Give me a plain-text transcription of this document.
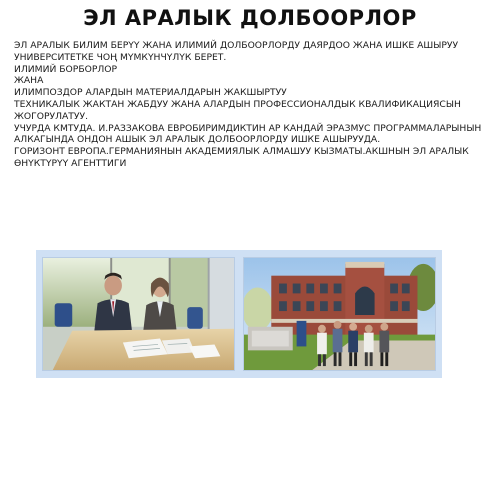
ЭЛ АРАЛЫК ДОЛБООРЛОР

ЭЛ АРАЛЫК БИЛИМ БЕРҮҮ ЖАНА ИЛИМИЙ ДОЛБООРЛОРДУ ДАЯРДОО ЖАНА ИШКЕ АШЫРУУ УНИВЕРСИТЕТКЕ ЧОҢ МҮМКҮНЧҮЛҮК БЕРЕТ.

ИЛИМИЙ БОРБОРЛОР

ЖАНА

ИЛИМПОЗДОР АЛАРДЫН МАТЕРИАЛДАРЫН ЖАКШЫРТУУ

ТЕХНИКАЛЫК ЖАКТАН ЖАБДУУ ЖАНА АЛАРДЫН ПРОФЕССИОНАЛДЫК КВАЛИФИКАЦИЯСЫН ЖОГОРУЛАТУУ.

УЧУРДА КМТУДА. И.РАЗЗАКОВА ЕВРОБИРИМДИКТИН АР КАНДАЙ ЭРАЗМУС ПРОГРАММАЛАРЫНЫН АЛКАГЫНДА ОНДОН АШЫК ЭЛ АРАЛЫК ДОЛБООРЛОРДУ ИШКЕ АШЫРУУДА.

ГОРИЗОНТ ЕВРОПА.ГЕРМАНИЯНЫН АКАДЕМИЯЛЫК АЛМАШУУ КЫЗМАТЫ.АКШНЫН ЭЛ АРАЛЫК ӨНҮКТҮРҮҮ АГЕНТТИГИ
